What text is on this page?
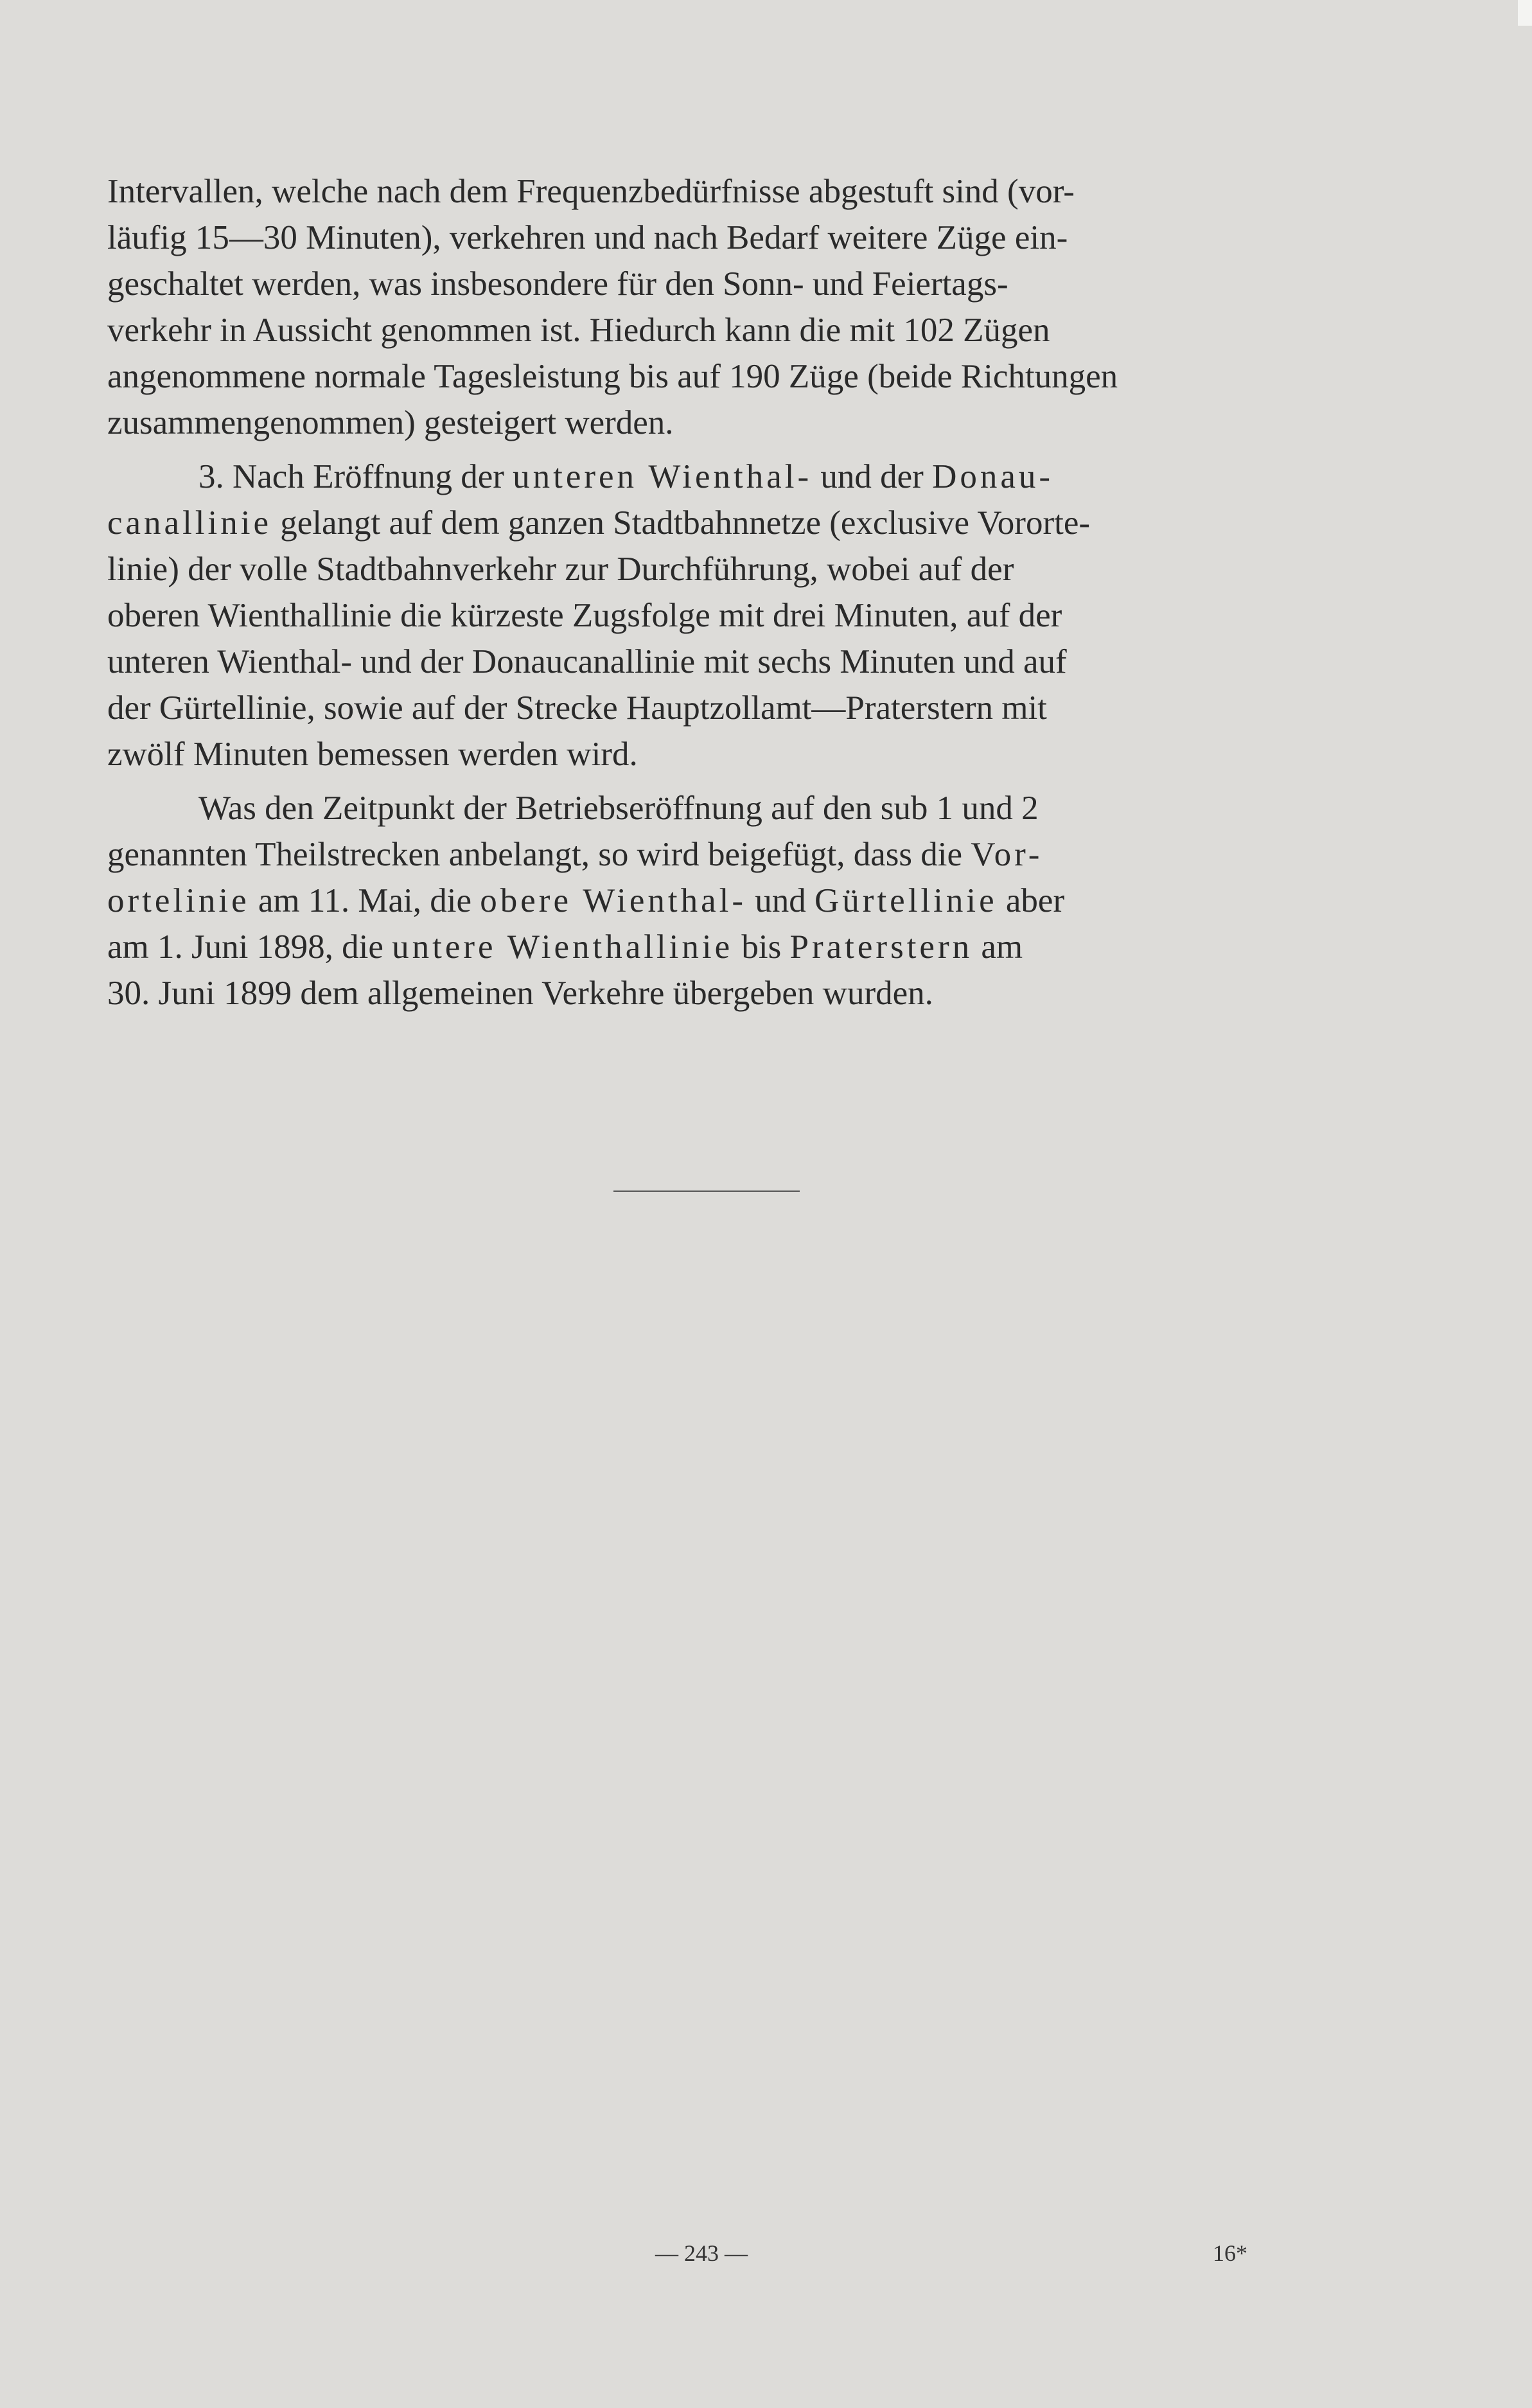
Intervallen, welche nach dem Frequenzbedürfnisse abgestuft sind (vor-

läufig 15—30 Minuten), verkehren und nach Bedarf weitere Züge ein-

geschaltet werden, was insbesondere für den Sonn- und Feiertags-

verkehr in Aussicht genommen ist. Hiedurch kann die mit 102 Zügen

angenommene normale Tagesleistung bis auf 190 Züge (beide Richtungen

zusammengenommen) gesteigert werden.

3. Nach Eröffnung der unteren Wienthal- und der Donau-

canallinie gelangt auf dem ganzen Stadtbahnnetze (exclusive Vororte-

linie) der volle Stadtbahnverkehr zur Durchführung, wobei auf der

oberen Wienthallinie die kürzeste Zugsfolge mit drei Minuten, auf der

unteren Wienthal- und der Donaucanallinie mit sechs Minuten und auf

der Gürtellinie, sowie auf der Strecke Hauptzollamt—Praterstern mit

zwölf Minuten bemessen werden wird.

Was den Zeitpunkt der Betriebseröffnung auf den sub 1 und 2

genannten Theilstrecken anbelangt, so wird beigefügt, dass die Vor-

ortelinie am 11. Mai, die obere Wienthal- und Gürtellinie aber

am 1. Juni 1898, die untere Wienthallinie bis Praterstern am

30. Juni 1899 dem allgemeinen Verkehre übergeben wurden.

— 243 —	16*
